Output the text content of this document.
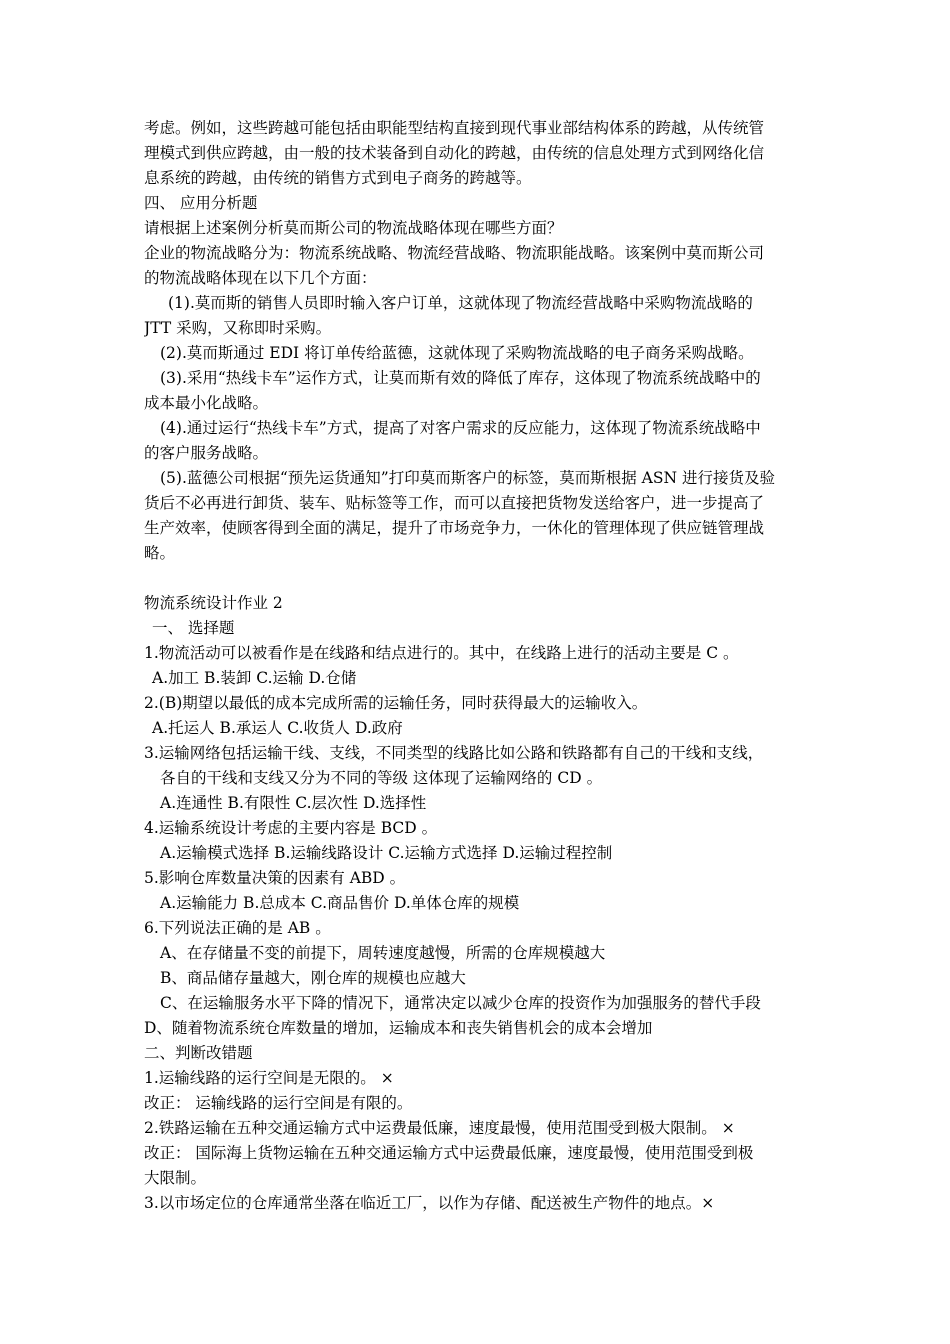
考虑。例如，这些跨越可能包括由职能型结构直接到现代事业部结构体系的跨越，从传统管
理模式到供应跨越，由一般的技术装备到自动化的跨越，由传统的信息处理方式到网络化信
息系统的跨越，由传统的销售方式到电子商务的跨越等。
四、 应用分析题
请根据上述案例分析莫而斯公司的物流战略体现在哪些方面？
企业的物流战略分为：物流系统战略、物流经营战略、物流职能战略。该案例中莫而斯公司
的物流战略体现在以下几个方面：
(1).莫而斯的销售人员即时输入客户订单，这就体现了物流经营战略中采购物流战略的
JTT 采购，又称即时采购。
(2).莫而斯通过 EDI 将订单传给蓝德，这就体现了采购物流战略的电子商务采购战略。
(3).采用“热线卡车”运作方式，让莫而斯有效的降低了库存，这体现了物流系统战略中的
成本最小化战略。
(4).通过运行“热线卡车”方式，提高了对客户需求的反应能力，这体现了物流系统战略中
的客户服务战略。
(5).蓝德公司根据“预先运货通知”打印莫而斯客户的标签，莫而斯根据 ASN 进行接货及验
货后不必再进行卸货、装车、贴标签等工作，而可以直接把货物发送给客户，进一步提高了
生产效率，使顾客得到全面的满足，提升了市场竞争力，一休化的管理体现了供应链管理战
略。
物流系统设计作业 2
一、 选择题
1.物流活动可以被看作是在线路和结点进行的。其中，在线路上进行的活动主要是 C 。
A.加工 B.装卸 C.运输 D.仓储
2.(B)期望以最低的成本完成所需的运输任务，同时获得最大的运输收入。
A.托运人 B.承运人 C.收货人 D.政府
3.运输网络包括运输干线、支线，不同类型的线路比如公路和铁路都有自己的干线和支线，
各自的干线和支线又分为不同的等级 这体现了运输网络的 CD 。
A.连通性 B.有限性 C.层次性 D.选择性
4.运输系统设计考虑的主要内容是 BCD 。
A.运输模式选择 B.运输线路设计 C.运输方式选择 D.运输过程控制
5.影响仓库数量决策的因素有 ABD 。
A.运输能力 B.总成本 C.商品售价 D.单体仓库的规模
6.下列说法正确的是 AB 。
A、在存储量不变的前提下，周转速度越慢，所需的仓库规模越大
B、商品储存量越大，刚仓库的规模也应越大
C、在运输服务水平下降的情况下，通常决定以减少仓库的投资作为加强服务的替代手段
D、随着物流系统仓库数量的增加，运输成本和丧失销售机会的成本会增加
二、判断改错题
1.运输线路的运行空间是无限的。 ×
改正： 运输线路的运行空间是有限的。
2.铁路运输在五种交通运输方式中运费最低廉，速度最慢，使用范围受到极大限制。 ×
改正： 国际海上货物运输在五种交通运输方式中运费最低廉，速度最慢，使用范围受到极
大限制。
3.以市场定位的仓库通常坐落在临近工厂，以作为存储、配送被生产物件的地点。×
